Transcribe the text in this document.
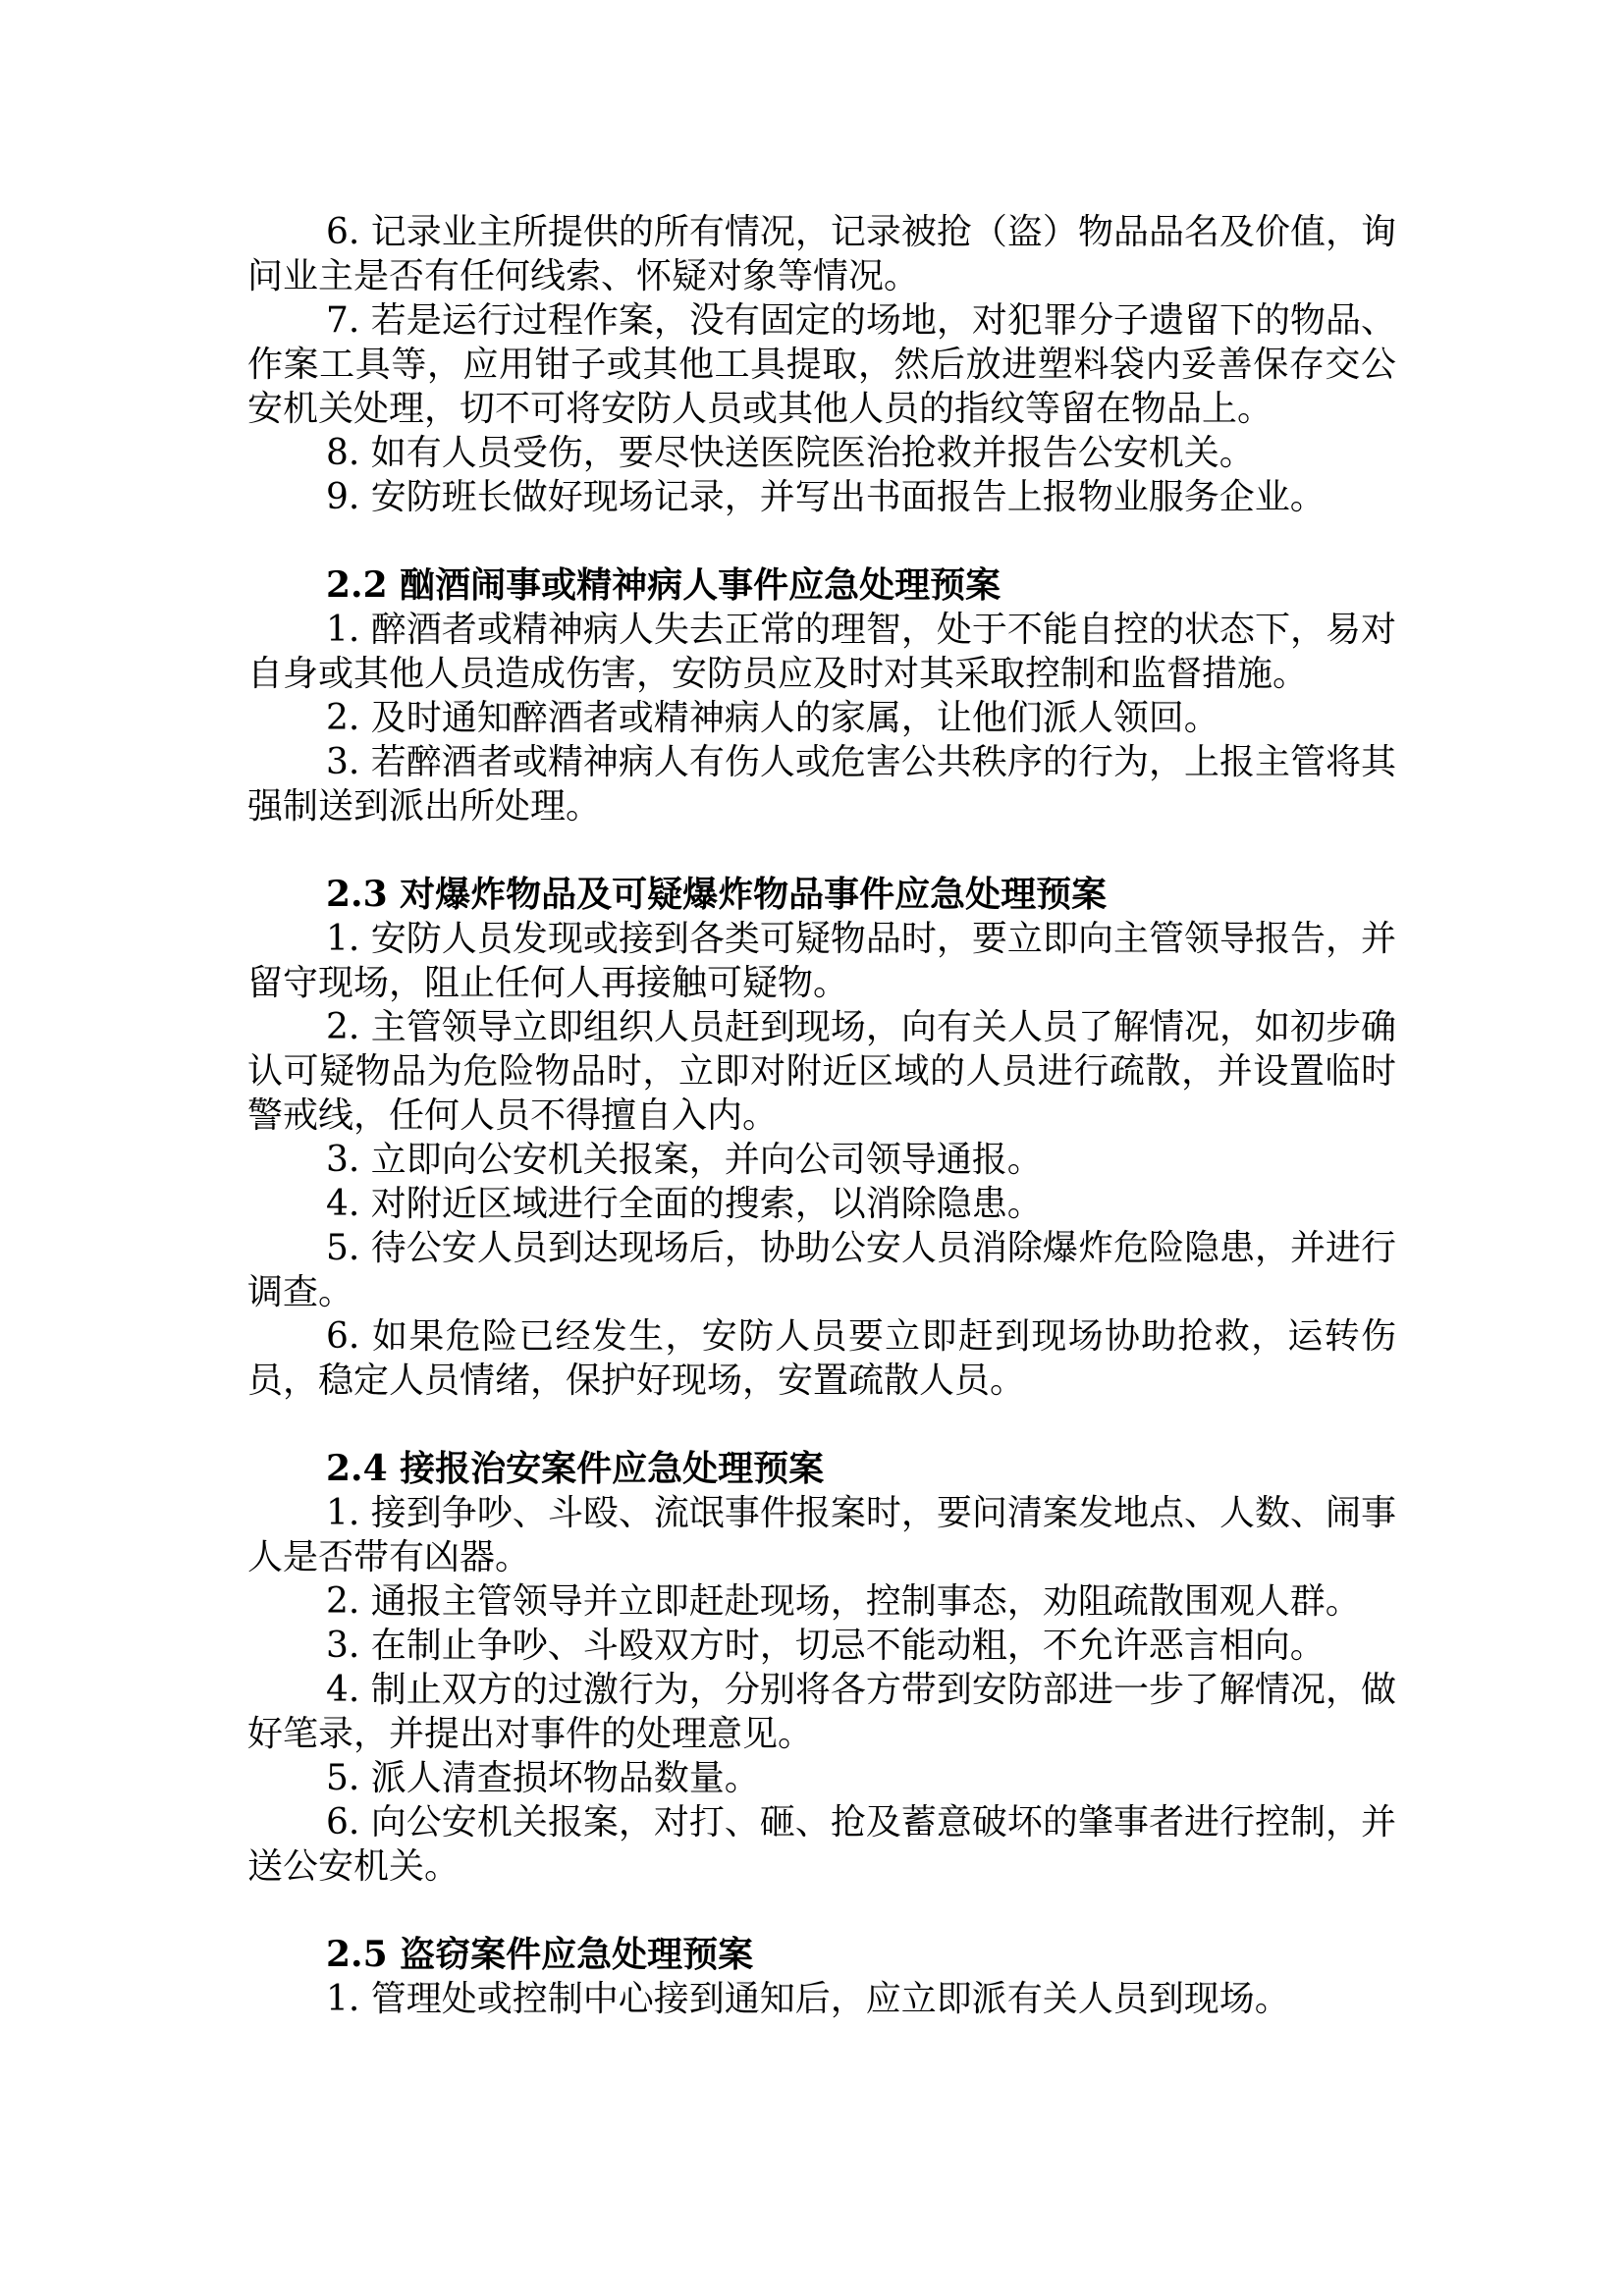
6. 记录业主所提供的所有情况，记录被抢（盗）物品品名及价值，询问业主是否有任何线索、怀疑对象等情况。

7. 若是运行过程作案，没有固定的场地，对犯罪分子遗留下的物品、作案工具等，应用钳子或其他工具提取，然后放进塑料袋内妥善保存交公安机关处理，切不可将安防人员或其他人员的指纹等留在物品上。

8. 如有人员受伤，要尽快送医院医治抢救并报告公安机关。

9. 安防班长做好现场记录，并写出书面报告上报物业服务企业。

2.2 酗酒闹事或精神病人事件应急处理预案

1. 醉酒者或精神病人失去正常的理智，处于不能自控的状态下，易对自身或其他人员造成伤害，安防员应及时对其采取控制和监督措施。

2. 及时通知醉酒者或精神病人的家属，让他们派人领回。

3. 若醉酒者或精神病人有伤人或危害公共秩序的行为，上报主管将其强制送到派出所处理。

2.3 对爆炸物品及可疑爆炸物品事件应急处理预案

1. 安防人员发现或接到各类可疑物品时，要立即向主管领导报告，并留守现场，阻止任何人再接触可疑物。

2. 主管领导立即组织人员赶到现场，向有关人员了解情况，如初步确认可疑物品为危险物品时，立即对附近区域的人员进行疏散，并设置临时警戒线，任何人员不得擅自入内。

3. 立即向公安机关报案，并向公司领导通报。

4. 对附近区域进行全面的搜索，以消除隐患。

5. 待公安人员到达现场后，协助公安人员消除爆炸危险隐患，并进行调查。

6. 如果危险已经发生，安防人员要立即赶到现场协助抢救，运转伤员，稳定人员情绪，保护好现场，安置疏散人员。

2.4 接报治安案件应急处理预案

1. 接到争吵、斗殴、流氓事件报案时，要问清案发地点、人数、闹事人是否带有凶器。

2. 通报主管领导并立即赶赴现场，控制事态，劝阻疏散围观人群。

3. 在制止争吵、斗殴双方时，切忌不能动粗，不允许恶言相向。

4. 制止双方的过激行为，分别将各方带到安防部进一步了解情况，做好笔录，并提出对事件的处理意见。

5. 派人清查损坏物品数量。

6. 向公安机关报案，对打、砸、抢及蓄意破坏的肇事者进行控制，并送公安机关。

2.5 盗窃案件应急处理预案

1. 管理处或控制中心接到通知后，应立即派有关人员到现场。
